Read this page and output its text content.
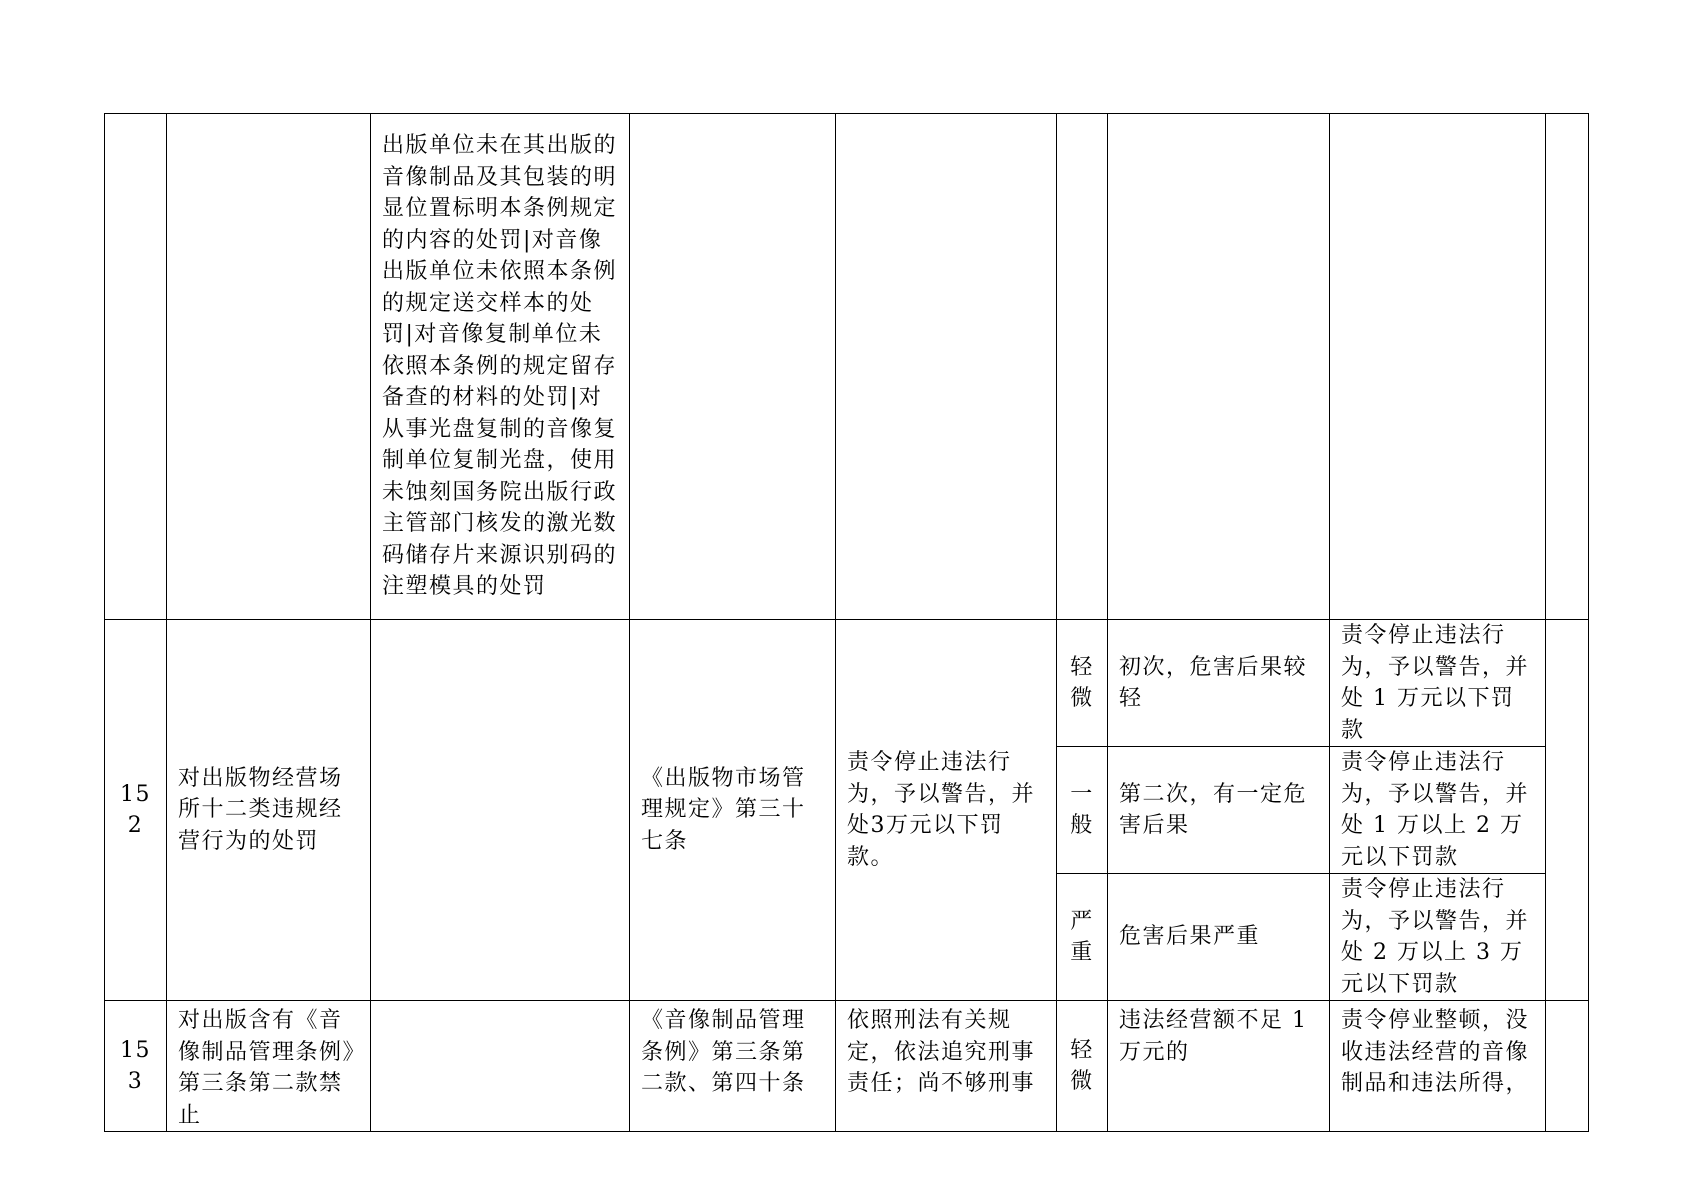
		出版单位未在其出版的音像制品及其包装的明显位置标明本条例规定的内容的处罚|对音像出版单位未依照本条例的规定送交样本的处罚|对音像复制单位未依照本条例的规定留存备查的材料的处罚|对从事光盘复制的音像复制单位复制光盘，使用未蚀刻国务院出版行政主管部门核发的激光数码储存片来源识别码的注塑模具的处罚						
152	对出版物经营场所十二类违规经营行为的处罚		《出版物市场管理规定》第三十七条	责令停止违法行为，予以警告，并处3万元以下罚款。	轻微	初次，危害后果较轻	责令停止违法行为，予以警告，并处 1 万元以下罚款	
					一般	第二次，有一定危害后果	责令停止违法行为，予以警告，并处 1 万以上 2 万元以下罚款	
					严重	危害后果严重	责令停止违法行为，予以警告，并处 2 万以上 3 万元以下罚款	
153	对出版含有《音像制品管理条例》第三条第二款禁止		《音像制品管理条例》第三条第二款、第四十条	依照刑法有关规定，依法追究刑事责任；尚不够刑事	轻微	违法经营额不足 1 万元的	责令停业整顿，没收违法经营的音像制品和违法所得，	
